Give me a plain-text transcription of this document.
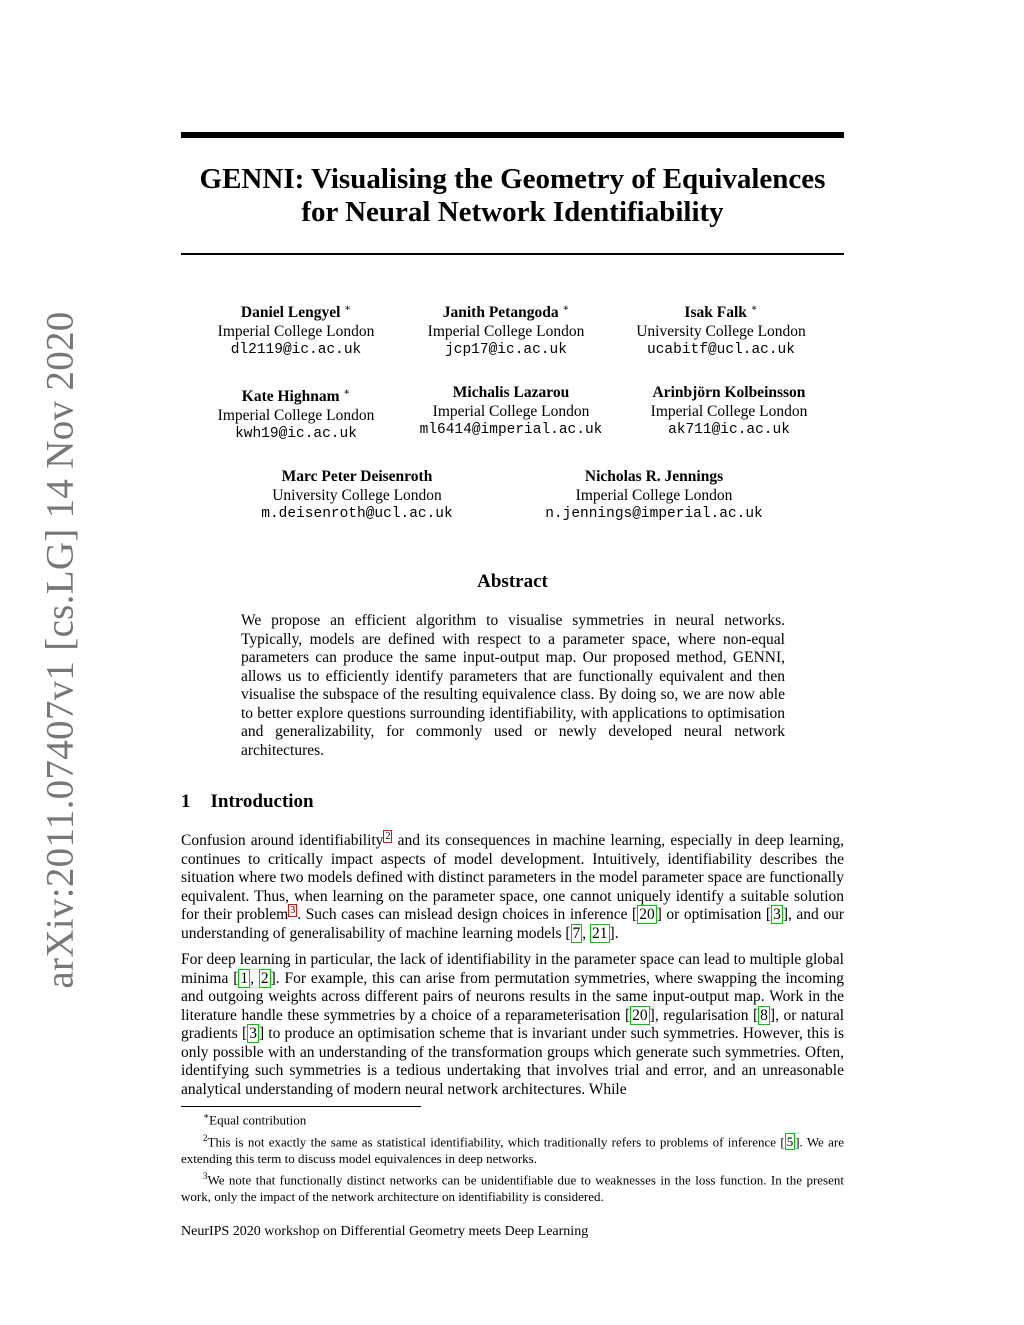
arXiv:2011.07407v1 [cs.LG] 14 Nov 2020
GENNI: Visualising the Geometry of Equivalences for Neural Network Identifiability
Daniel Lengyel ∗
Imperial College London
dl2119@ic.ac.uk
Janith Petangoda ∗
Imperial College London
jcp17@ic.ac.uk
Isak Falk ∗
University College London
ucabitf@ucl.ac.uk
Kate Highnam ∗
Imperial College London
kwh19@ic.ac.uk
Michalis Lazarou
Imperial College London
ml6414@imperial.ac.uk
Arinbjörn Kolbeinsson
Imperial College London
ak711@ic.ac.uk
Marc Peter Deisenroth
University College London
m.deisenroth@ucl.ac.uk
Nicholas R. Jennings
Imperial College London
n.jennings@imperial.ac.uk
Abstract
We propose an efficient algorithm to visualise symmetries in neural networks. Typically, models are defined with respect to a parameter space, where non-equal parameters can produce the same input-output map. Our proposed method, GENNI, allows us to efficiently identify parameters that are functionally equivalent and then visualise the subspace of the resulting equivalence class. By doing so, we are now able to better explore questions surrounding identifiability, with applications to optimisation and generalizability, for commonly used or newly developed neural network architectures.
1 Introduction
Confusion around identifiability $^2$ and its consequences in machine learning, especially in deep learning, continues to critically impact aspects of model development. Intuitively, identifiability describes the situation where two models defined with distinct parameters in the model parameter space are functionally equivalent. Thus, when learning on the parameter space, one cannot uniquely identify a suitable solution for their problem $^3$ . Such cases can mislead design choices in inference [ 20 ] or optimisation [ 3 ], and our understanding of generalisability of machine learning models [ 7 , 21 ].
For deep learning in particular, the lack of identifiability in the parameter space can lead to multiple global minima [ 1 , 2 ]. For example, this can arise from permutation symmetries, where swapping the incoming and outgoing weights across different pairs of neurons results in the same input-output map. Work in the literature handle these symmetries by a choice of a reparameterisation [ 20 ], regularisation [ 8 ], or natural gradients [ 3 ] to produce an optimisation scheme that is invariant under such symmetries. However, this is only possible with an understanding of the transformation groups which generate such symmetries. Often, identifying such symmetries is a tedious undertaking that involves trial and error, and an unreasonable analytical understanding of modern neural network architectures. While
∗Equal contribution
$^2$This is not exactly the same as statistical identifiability, which traditionally refers to problems of inference [ 5 ]. We are extending this term to discuss model equivalences in deep networks.
$^3$We note that functionally distinct networks can be unidentifiable due to weaknesses in the loss function. In the present work, only the impact of the network architecture on identifiability is considered.
NeurIPS 2020 workshop on Differential Geometry meets Deep Learning
